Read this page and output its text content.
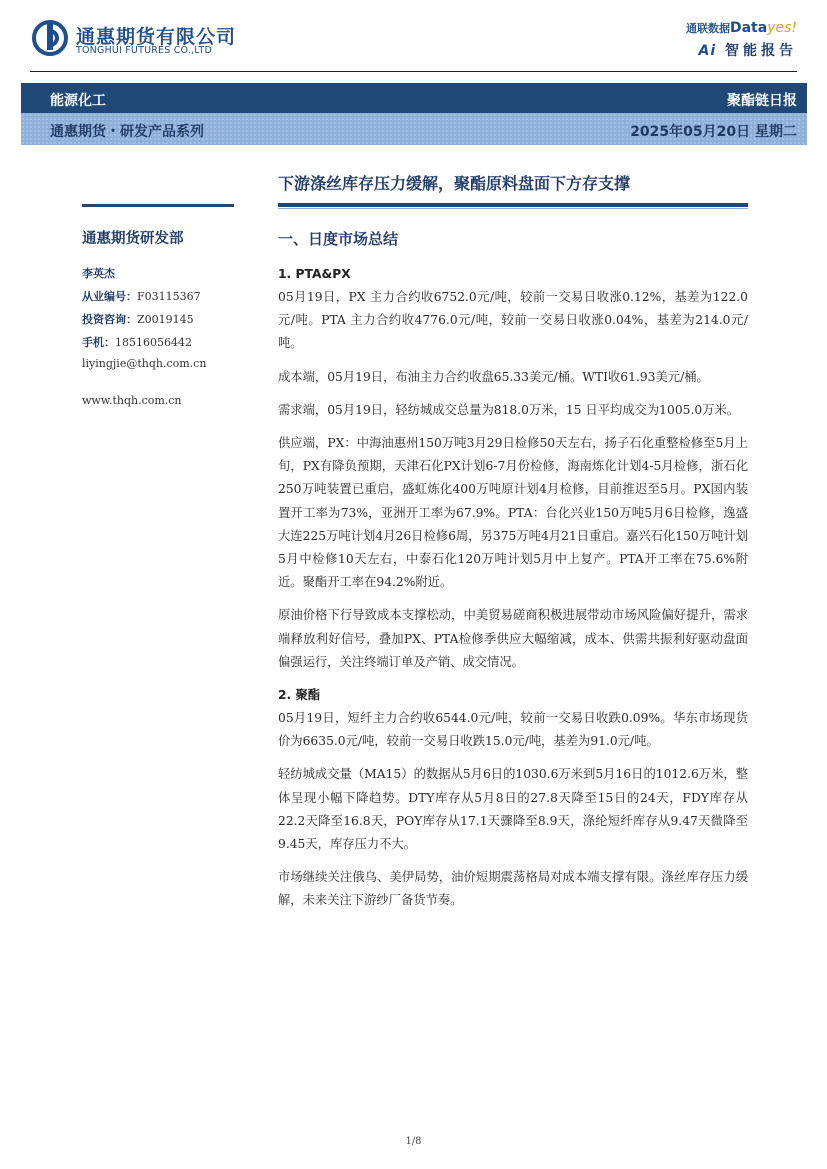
通惠期货有限公司
TONGHUI FUTURES CO.,LTD
通联数据Datayes!
Ai 智能报告
能源化工	聚酯链日报
通惠期货・研发产品系列	2025年05月20日 星期二
通惠期货研发部
李英杰
从业编号：F03115367
投资咨询：Z0019145
手机：18516056442
liyingjie@thqh.com.cn
www.thqh.com.cn
下游涤丝库存压力缓解，聚酯原料盘面下方存支撑
一、日度市场总结
1. PTA&PX

05月19日，PX 主力合约收6752.0元/吨，较前一交易日收涨0.12%，基差为122.0元/吨。PTA 主力合约收4776.0元/吨，较前一交易日收涨0.04%，基差为214.0元/吨。

成本端，05月19日，布油主力合约收盘65.33美元/桶。WTI收61.93美元/桶。

需求端，05月19日，轻纺城成交总量为818.0万米，15 日平均成交为1005.0万米。

供应端，PX：中海油惠州150万吨3月29日检修50天左右，扬子石化重整检修至5月上旬，PX有降负预期，天津石化PX计划6-7月份检修，海南炼化计划4-5月检修，浙石化250万吨装置已重启，盛虹炼化400万吨原计划4月检修，目前推迟至5月。PX国内装置开工率为73%，亚洲开工率为67.9%。PTA：台化兴业150万吨5月6日检修，逸盛大连225万吨计划4月26日检修6周，另375万吨4月21日重启。嘉兴石化150万吨计划5月中检修10天左右，中泰石化120万吨计划5月中上复产。PTA开工率在75.6%附近。聚酯开工率在94.2%附近。

原油价格下行导致成本支撑松动，中美贸易磋商积极进展带动市场风险偏好提升，需求端释放利好信号，叠加PX、PTA检修季供应大幅缩减，成本、供需共振利好驱动盘面偏强运行，关注终端订单及产销、成交情况。

2. 聚酯

05月19日，短纤主力合约收6544.0元/吨，较前一交易日收跌0.09%。华东市场现货价为6635.0元/吨，较前一交易日收跌15.0元/吨，基差为91.0元/吨。

轻纺城成交量（MA15）的数据从5月6日的1030.6万米到5月16日的1012.6万米，整体呈现小幅下降趋势。DTY库存从5月8日的27.8天降至15日的24天，FDY库存从22.2天降至16.8天，POY库存从17.1天骤降至8.9天，涤纶短纤库存从9.47天微降至9.45天，库存压力不大。

市场继续关注俄乌、美伊局势，油价短期震荡格局对成本端支撑有限。涤丝库存压力缓解，未来关注下游纱厂备货节奏。

1/8
